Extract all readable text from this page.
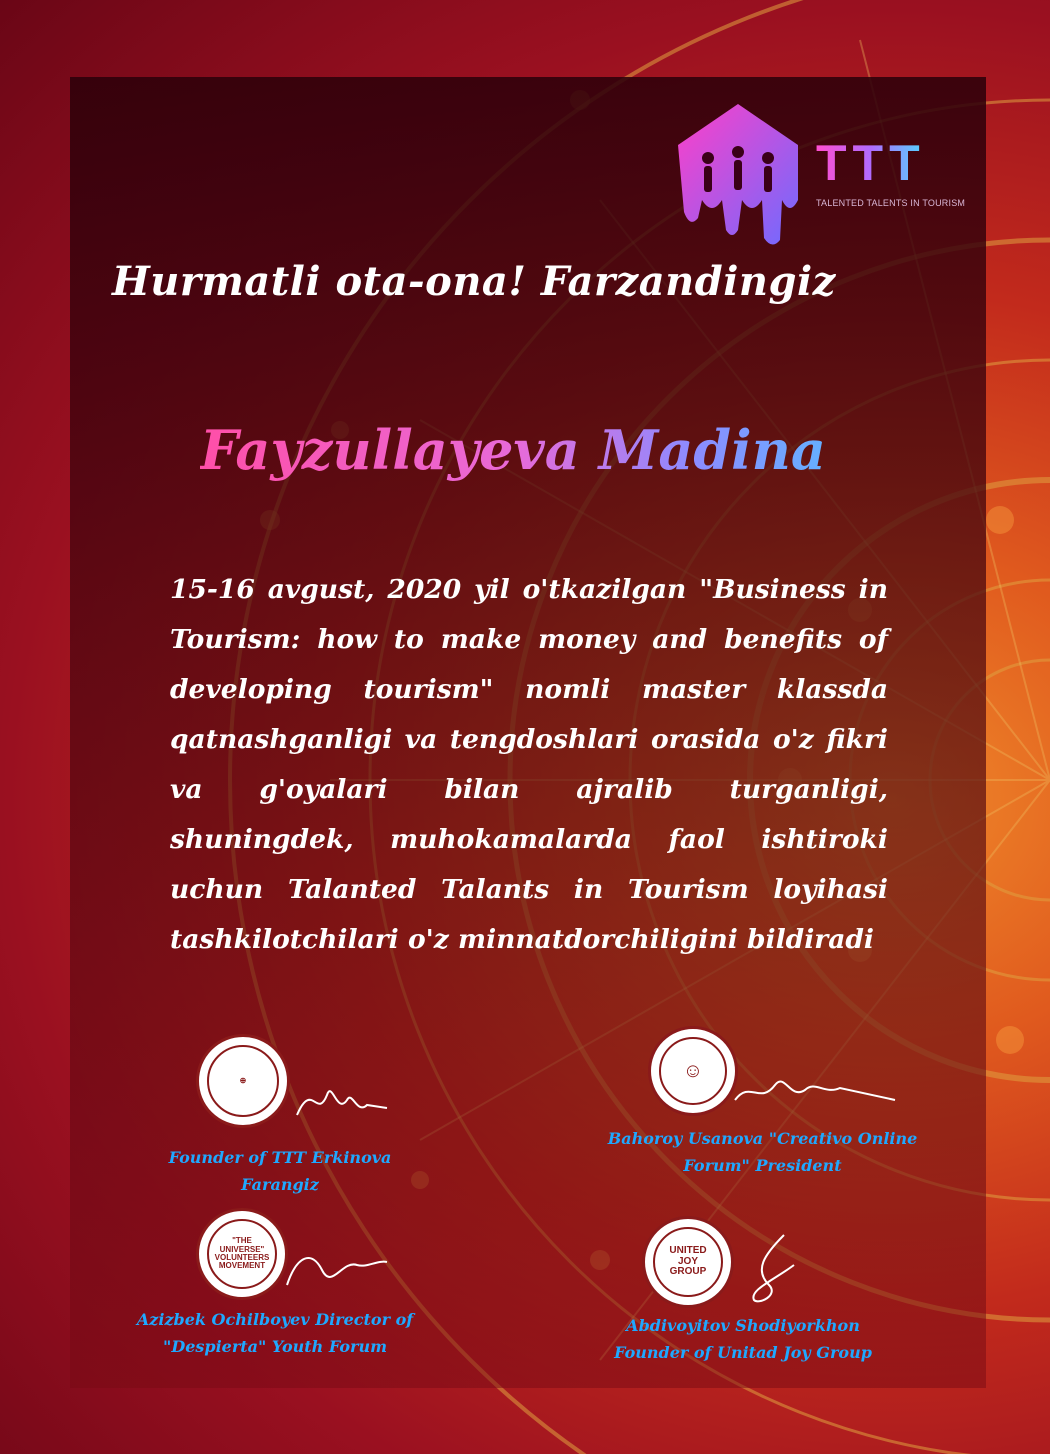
TTT
TALENTED TALENTS IN TOURISM
Hurmatli ota-ona! Farzandingiz
Fayzullayeva Madina
15-16 avgust, 2020 yil o'tkazilgan "Business in Tourism: how to make money and benefits of developing tourism" nomli master klassda qatnashganligi va tengdoshlari orasida o'z fikri va g'oyalari bilan ajralib turganligi, shuningdek, muhokamalarda faol ishtiroki uchun Talanted Talants in Tourism loyihasi tashkilotchilari o'z minnatdorchiligini bildiradi
⊕
Founder of TTT Erkinova Farangiz
☺
Bahoroy Usanova "Creativo Online Forum" President
"THE UNIVERSE"
VOLUNTEERS
MOVEMENT
Azizbek Ochilboyev Director of "Despierta" Youth Forum
UNITED
JOY
GROUP
Abdivoyitov Shodiyorkhon Founder of Unitad Joy Group
